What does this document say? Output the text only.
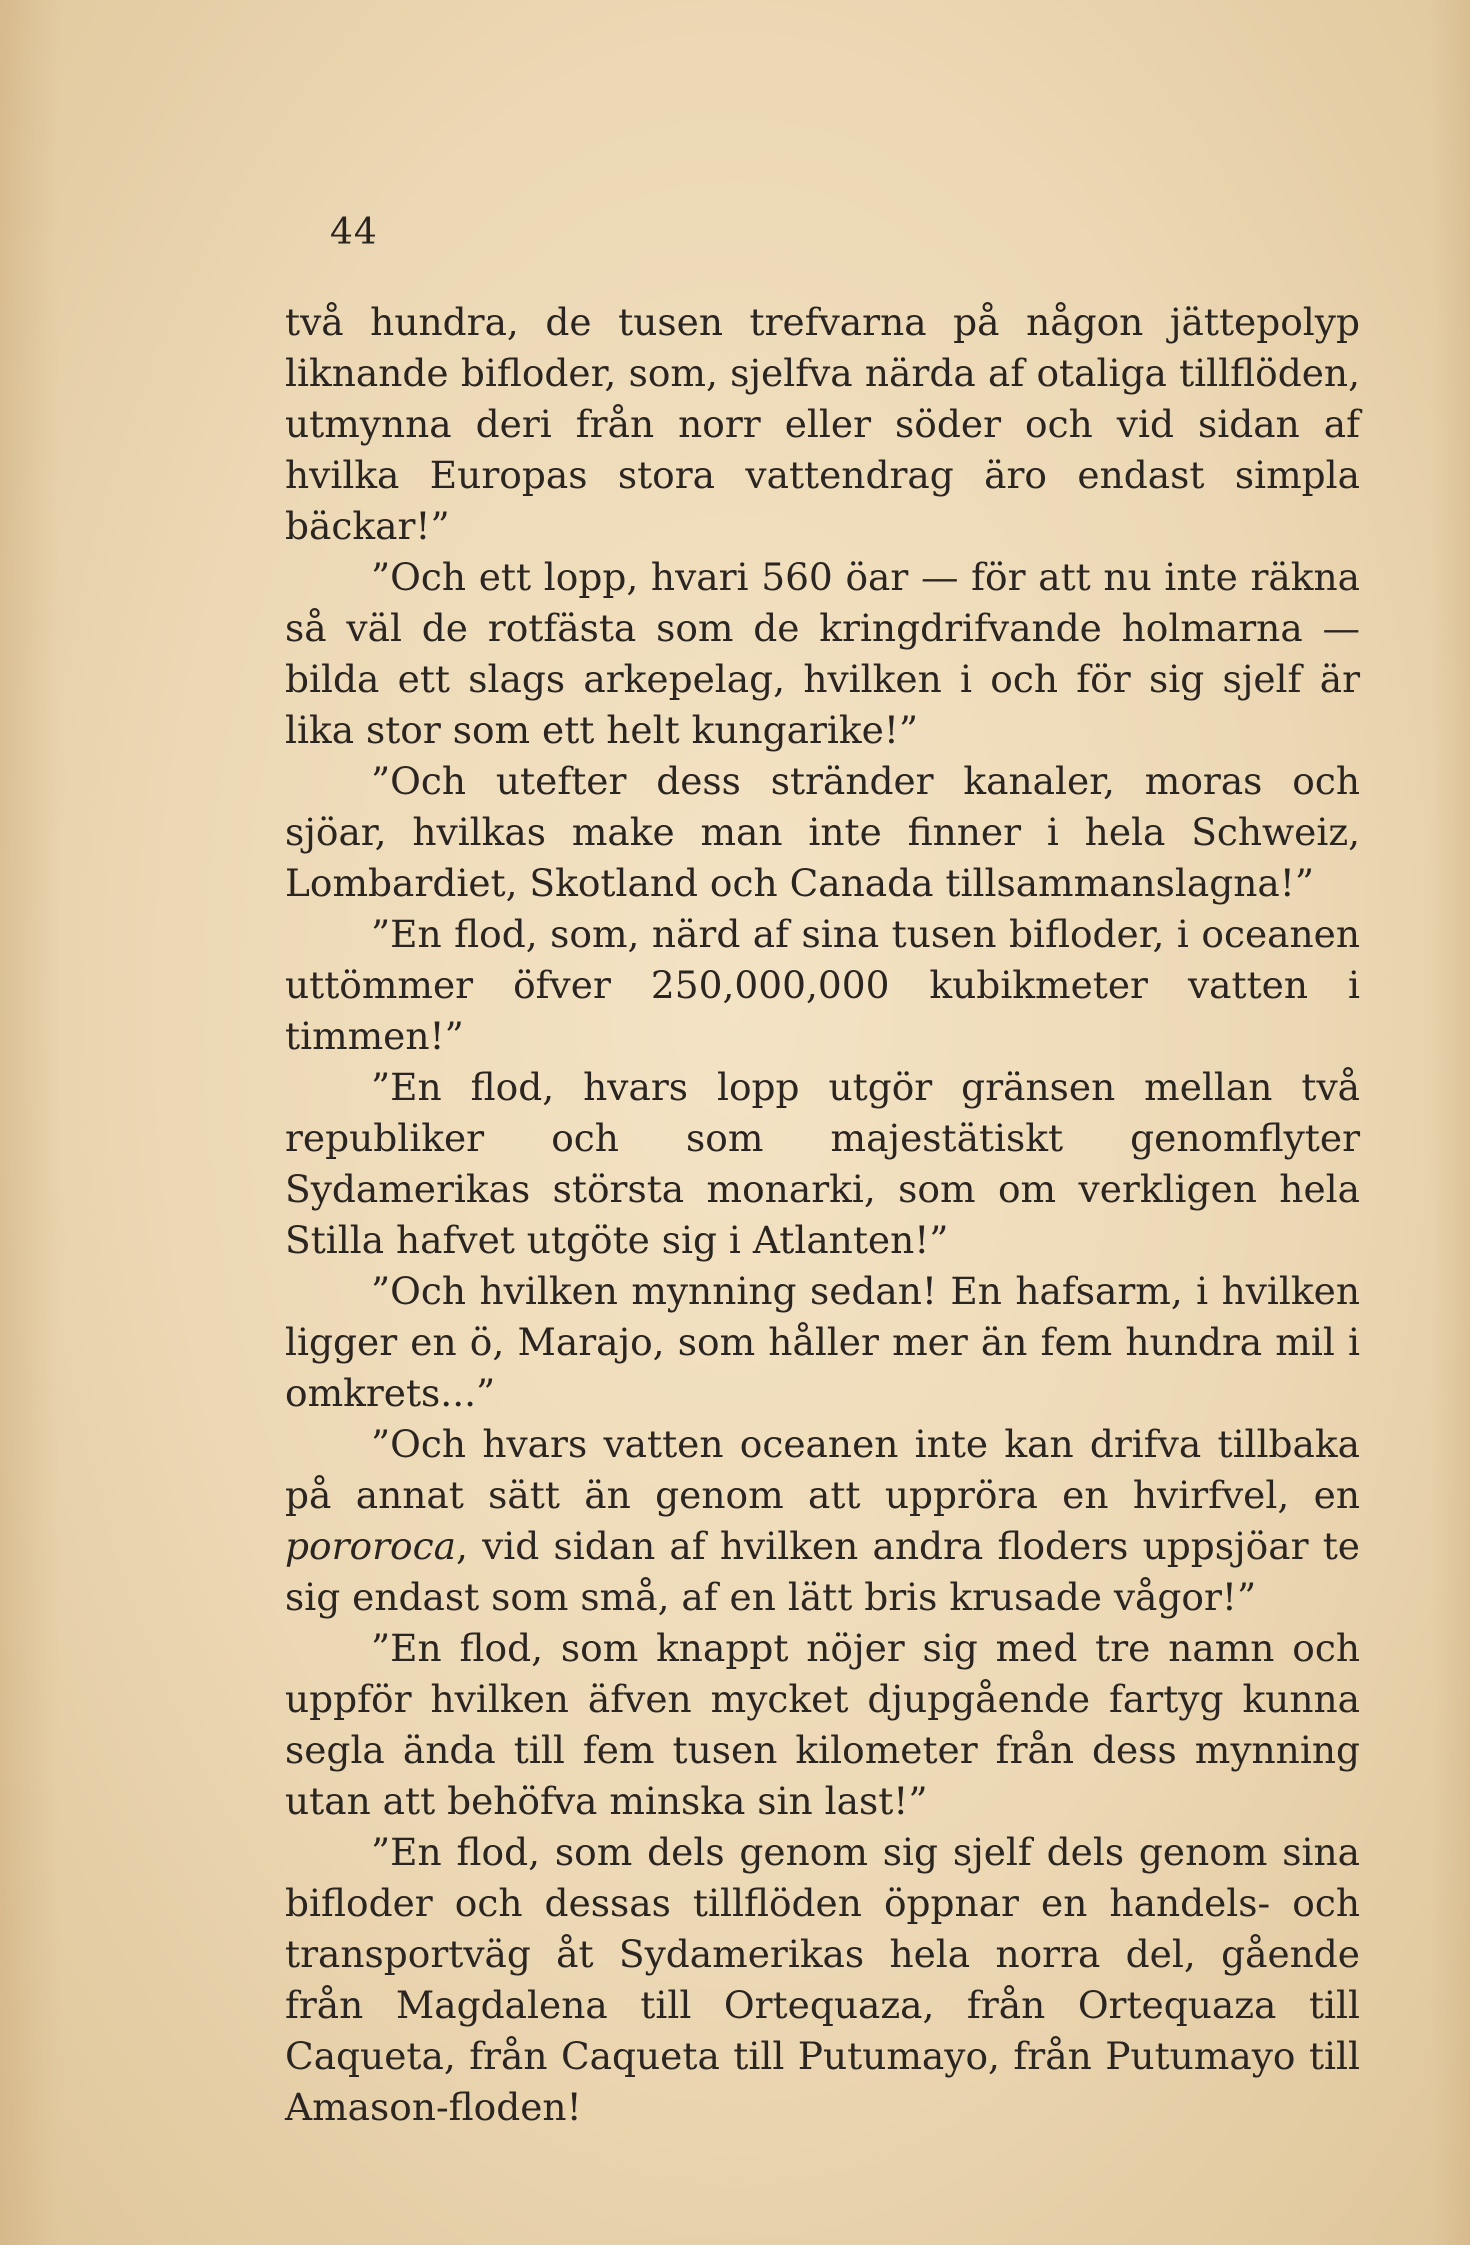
44

två hundra, de tusen trefvarna på någon jättepolyp liknande bifloder, som, sjelfva närda af otaliga tillflöden, utmynna deri från norr eller söder och vid sidan af hvilka Europas stora vattendrag äro endast simpla bäckar!”

”Och ett lopp, hvari 560 öar — för att nu inte räkna så väl de rotfästa som de kringdrifvande holmarna — bilda ett slags arkepelag, hvilken i och för sig sjelf är lika stor som ett helt kungarike!”

”Och utefter dess stränder kanaler, moras och sjöar, hvilkas make man inte finner i hela Schweiz, Lombardiet, Skotland och Canada tillsammanslagna!”

”En flod, som, närd af sina tusen bifloder, i oceanen uttömmer öfver 250,000,000 kubikmeter vatten i timmen!”

”En flod, hvars lopp utgör gränsen mellan två republiker och som majestätiskt genomflyter Sydamerikas största monarki, som om verkligen hela Stilla hafvet utgöte sig i Atlanten!”

”Och hvilken mynning sedan! En hafsarm, i hvilken ligger en ö, Marajo, som håller mer än fem hundra mil i omkrets...”

”Och hvars vatten oceanen inte kan drifva tillbaka på annat sätt än genom att uppröra en hvirfvel, en pororoca, vid sidan af hvilken andra floders uppsjöar te sig endast som små, af en lätt bris krusade vågor!”

”En flod, som knappt nöjer sig med tre namn och uppför hvilken äfven mycket djupgående fartyg kunna segla ända till fem tusen kilometer från dess mynning utan att behöfva minska sin last!”

”En flod, som dels genom sig sjelf dels genom sina bifloder och dessas tillflöden öppnar en handels- och transportväg åt Sydamerikas hela norra del, gående från Magdalena till Ortequaza, från Ortequaza till Caqueta, från Caqueta till Putumayo, från Putumayo till Amason-floden!
